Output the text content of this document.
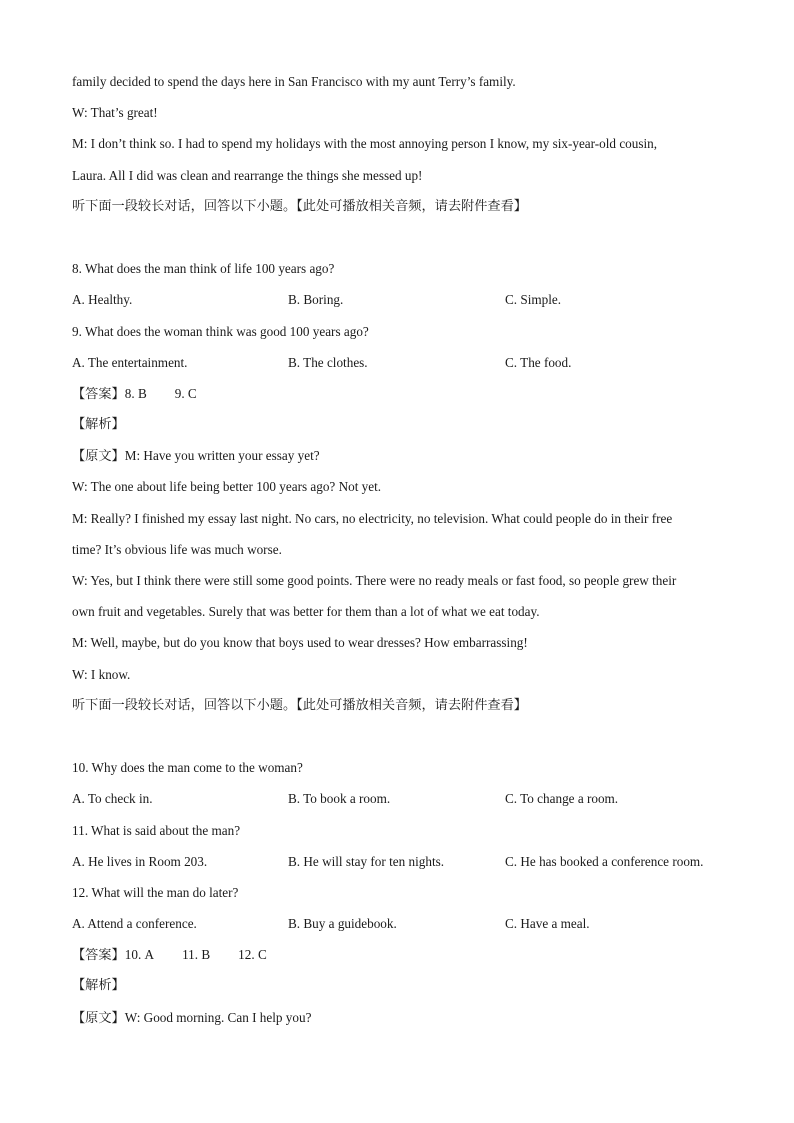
family decided to spend the days here in San Francisco with my aunt Terry’s family.
W: That’s great!
M: I don’t think so. I had to spend my holidays with the most annoying person I know, my six-year-old cousin,
Laura. All I did was clean and rearrange the things she messed up!
听下面一段较长对话，回答以下小题。【此处可播放相关音频，请去附件查看】
8. What does the man think of life 100 years ago?
A. Healthy.	B. Boring.	C. Simple.
9. What does the woman think was good 100 years ago?
A. The entertainment.	B. The clothes.	C. The food.
【答案】8. B 9. C
【解析】
【原文】M: Have you written your essay yet?
W: The one about life being better 100 years ago? Not yet.
M: Really? I finished my essay last night. No cars, no electricity, no television. What could people do in their free
time? It’s obvious life was much worse.
W: Yes, but I think there were still some good points. There were no ready meals or fast food, so people grew their
own fruit and vegetables. Surely that was better for them than a lot of what we eat today.
M: Well, maybe, but do you know that boys used to wear dresses? How embarrassing!
W: I know.
听下面一段较长对话，回答以下小题。【此处可播放相关音频，请去附件查看】
10. Why does the man come to the woman?
A. To check in.	B. To book a room.	C. To change a room.
11. What is said about the man?
A. He lives in Room 203.	B. He will stay for ten nights.	C. He has booked a conference room.
12. What will the man do later?
A. Attend a conference.	B. Buy a guidebook.	C. Have a meal.
【答案】10. A 11. B 12. C
【解析】
【原文】W: Good morning. Can I help you?
